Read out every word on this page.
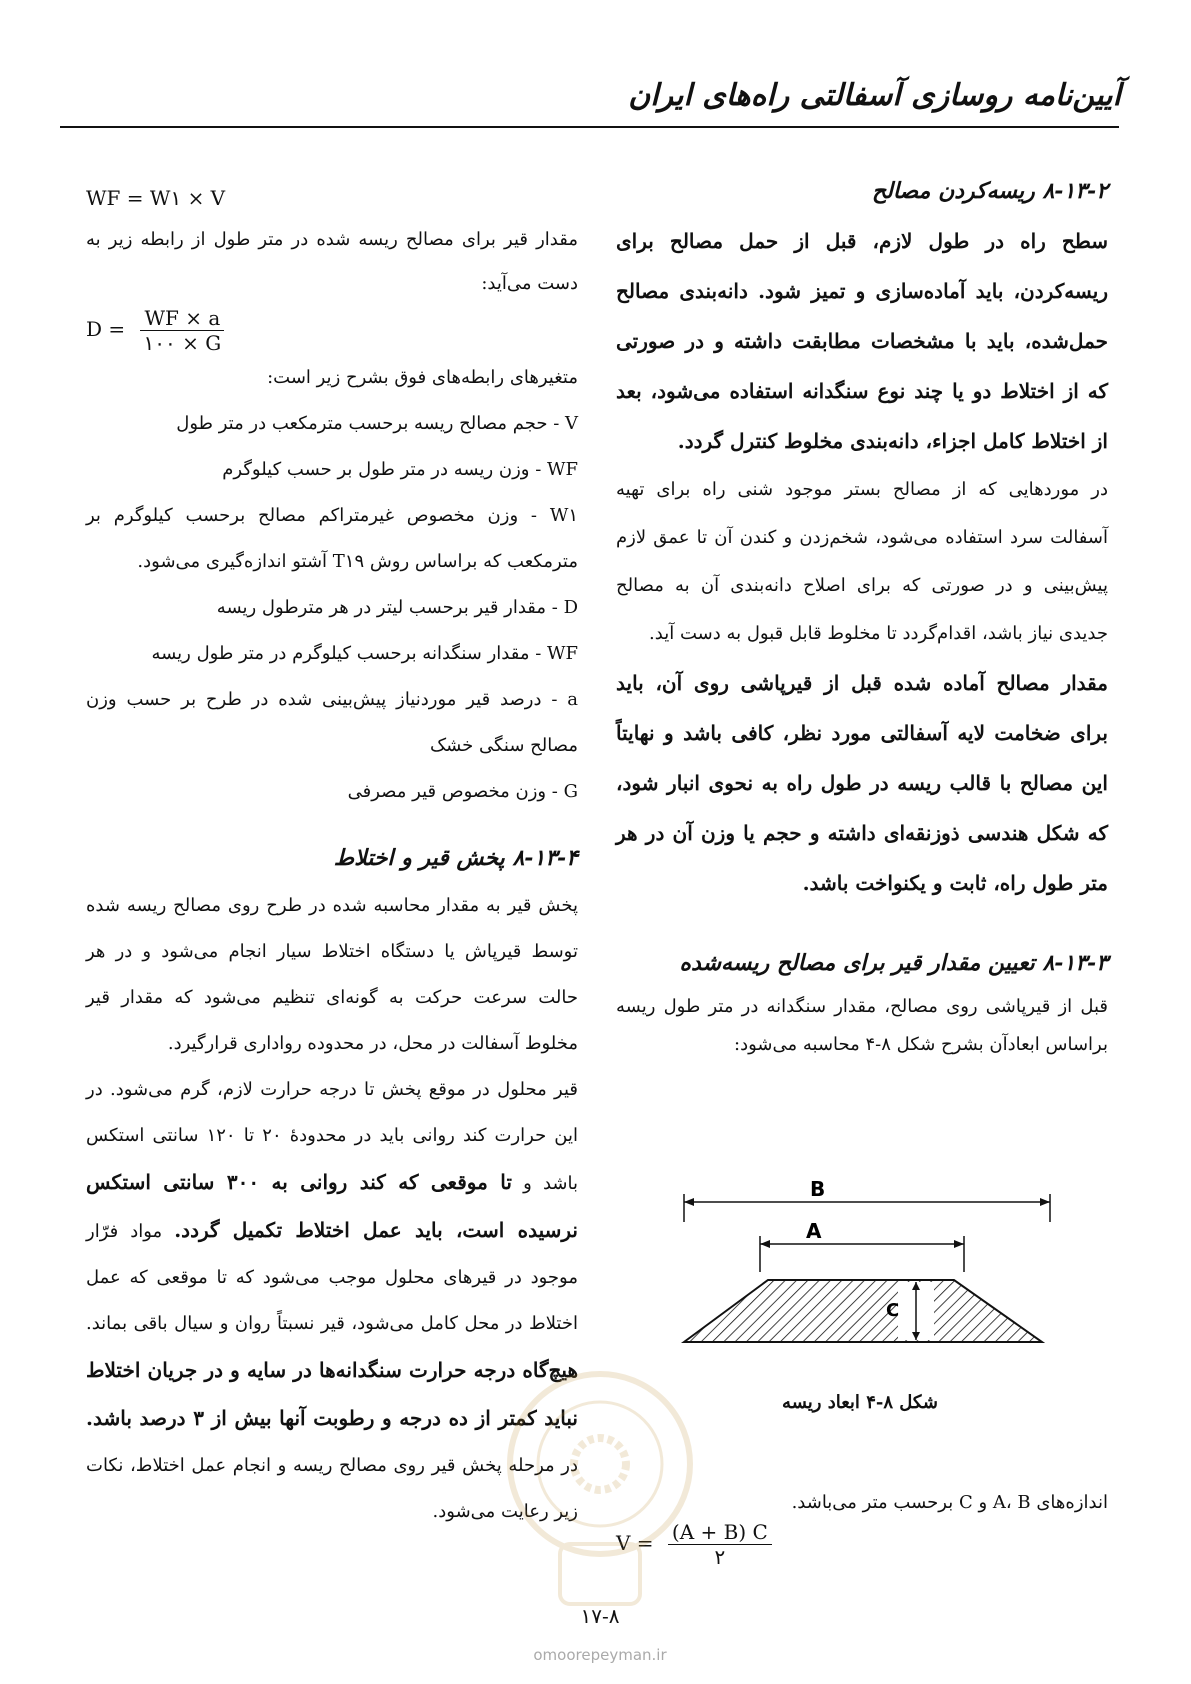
آیین‌نامه روسازی آسفالتی راه‌های ایران
۸-۱۳-۲ ریسه‌کردن مصالح

سطح راه در طول لازم، قبل از حمل مصالح برای ریسه‌کردن، باید آماده‌سازی و تمیز شود. دانه‌بندی مصالح حمل‌شده، باید با مشخصات مطابقت داشته و در صورتی که از اختلاط دو یا چند نوع سنگدانه استفاده می‌شود، بعد از اختلاط کامل اجزاء، دانه‌بندی مخلوط کنترل گردد.

در موردهایی که از مصالح بستر موجود شنی راه برای تهیه آسفالت سرد استفاده می‌شود، شخم‌زدن و کندن آن تا عمق لازم پیش‌بینی و در صورتی که برای اصلاح دانه‌بندی آن به مصالح جدیدی نیاز باشد، اقدام‌گردد تا مخلوط قابل قبول به دست آید.

مقدار مصالح آماده شده قبل از قیرپاشی روی آن، باید برای ضخامت لایه آسفالتی مورد نظر، کافی باشد و نهایتاً این مصالح با قالب ریسه در طول راه به نحوی انبار شود، که شکل هندسی ذوزنقه‌ای داشته و حجم یا وزن آن در هر متر طول راه، ثابت و یکنواخت باشد.

۸-۱۳-۳ تعیین مقدار قیر برای مصالح ریسه‌شده

قبل از قیرپاشی روی مصالح، مقدار سنگدانه در متر طول ریسه براساس ابعادآن بشرح شکل ۸-۴ محاسبه می‌شود:

B
A
C
شکل ۸-۴ ابعاد ریسه
اندازه‌های A، B و C برحسب متر می‌باشد.
$V = \frac{(A + B) C}{۲}$
WF = W۱ × V

مقدار قیر برای مصالح ریسه شده در متر طول از رابطه زیر به دست می‌آید:

$D = \frac{WF \times a}{۱۰۰ \times G}$

متغیرهای رابطه‌های فوق بشرح زیر است:

V - حجم مصالح ریسه برحسب مترمکعب در متر طول

WF - وزن ریسه در متر طول بر حسب کیلوگرم

W۱ - وزن مخصوص غیرمتراکم مصالح برحسب کیلوگرم بر مترمکعب که براساس روش T۱۹ آشتو اندازه‌گیری می‌شود.

D - مقدار قیر برحسب لیتر در هر مترطول ریسه

WF - مقدار سنگدانه برحسب کیلوگرم در متر طول ریسه

a - درصد قیر موردنیاز پیش‌بینی شده در طرح بر حسب وزن مصالح سنگی خشک

G - وزن مخصوص قیر مصرفی

۸-۱۳-۴ پخش قیر و اختلاط

پخش قیر به مقدار محاسبه شده در طرح روی مصالح ریسه شده توسط قیرپاش یا دستگاه اختلاط سیار انجام می‌شود و در هر حالت سرعت حرکت به گونه‌ای تنظیم می‌شود که مقدار قیر مخلوط آسفالت در محل، در محدوده رواداری قرارگیرد.

قیر محلول در موقع پخش تا درجه حرارت لازم، گرم می‌شود. در این حرارت کند روانی باید در محدودهٔ ۲۰ تا ۱۲۰ سانتی استکس باشد و تا موقعی که کند روانی به ۳۰۰ سانتی استکس نرسیده است، باید عمل اختلاط تکمیل گردد. مواد فرّار موجود در قیرهای محلول موجب می‌شود که تا موقعی که عمل اختلاط در محل کامل می‌شود، قیر نسبتاً روان و سیال باقی بماند. هیچ‌گاه درجه حرارت سنگدانه‌ها در سایه و در جریان اختلاط نباید کمتر از ده درجه و رطوبت آنها بیش از ۳ درصد باشد. در مرحله پخش قیر روی مصالح ریسه و انجام عمل اختلاط، نکات زیر رعایت می‌شود.

omoorepeyman.ir
۱۷-۸
